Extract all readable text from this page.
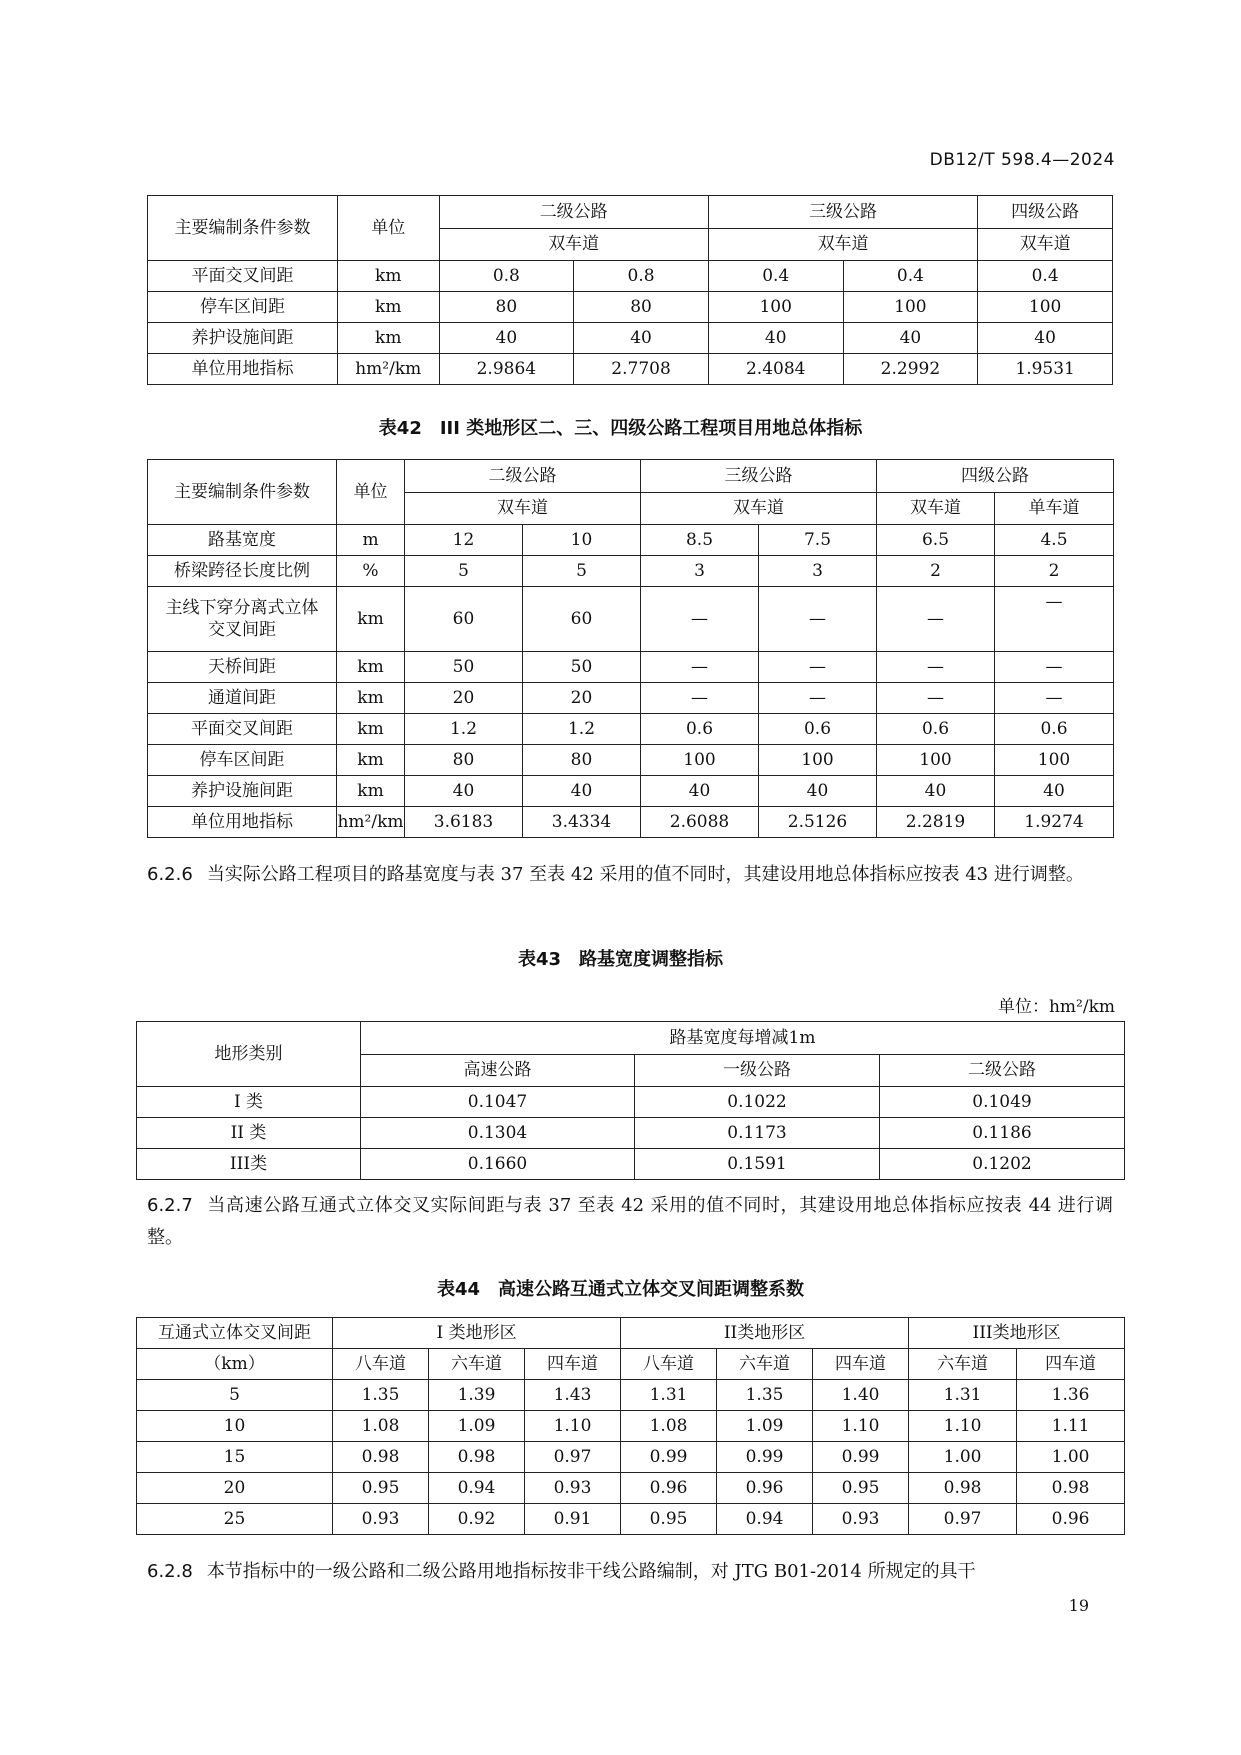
DB12/T 598.4—2024
主要编制条件参数	单位	二级公路		三级公路		四级公路
		双车道		双车道		双车道
平面交叉间距	km	0.8	0.8	0.4	0.4	0.4
停车区间距	km	80	80	100	100	100
养护设施间距	km	40	40	40	40	40
单位用地指标	hm²/km	2.9864	2.7708	2.4084	2.2992	1.9531
表42　III 类地形区二、三、四级公路工程项目用地总体指标
主要编制条件参数	单位	二级公路		三级公路		四级公路	
		双车道		双车道		双车道	单车道
路基宽度	m	12	10	8.5	7.5	6.5	4.5
桥梁跨径长度比例	%	5	5	3	3	2	2
主线下穿分离式立体交叉间距	km	60	60	—	—	—	—
天桥间距	km	50	50	—	—	—	—
通道间距	km	20	20	—	—	—	—
平面交叉间距	km	1.2	1.2	0.6	0.6	0.6	0.6
停车区间距	km	80	80	100	100	100	100
养护设施间距	km	40	40	40	40	40	40
单位用地指标	hm²/km	3.6183	3.4334	2.6088	2.5126	2.2819	1.9274
6.2.6 当实际公路工程项目的路基宽度与表 37 至表 42 采用的值不同时，其建设用地总体指标应按表 43 进行调整。
表43　路基宽度调整指标
单位：hm²/km
地形类别	路基宽度每增减1m		
	高速公路	一级公路	二级公路
I 类	0.1047	0.1022	0.1049
II 类	0.1304	0.1173	0.1186
III类	0.1660	0.1591	0.1202
6.2.7 当高速公路互通式立体交叉实际间距与表 37 至表 42 采用的值不同时，其建设用地总体指标应按表 44 进行调整。
表44　高速公路互通式立体交叉间距调整系数
互通式立体交叉间距	I 类地形区			II类地形区			III类地形区	
（km）	八车道	六车道	四车道	八车道	六车道	四车道	六车道	四车道
5	1.35	1.39	1.43	1.31	1.35	1.40	1.31	1.36
10	1.08	1.09	1.10	1.08	1.09	1.10	1.10	1.11
15	0.98	0.98	0.97	0.99	0.99	0.99	1.00	1.00
20	0.95	0.94	0.93	0.96	0.96	0.95	0.98	0.98
25	0.93	0.92	0.91	0.95	0.94	0.93	0.97	0.96
6.2.8 本节指标中的一级公路和二级公路用地指标按非干线公路编制，对 JTG B01-2014 所规定的具干
19
